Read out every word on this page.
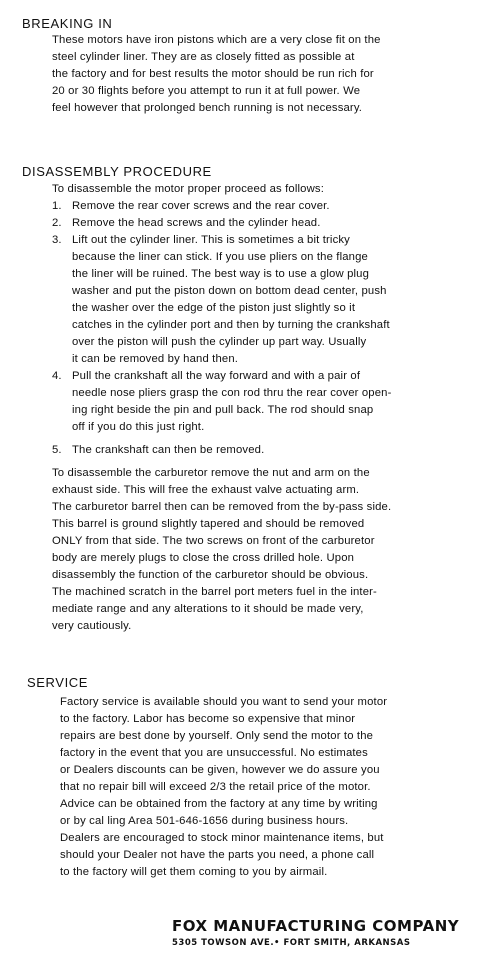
BREAKING IN
These motors have iron pistons which are a very close fit on the
steel cylinder liner. They are as closely fitted as possible at
the factory and for best results the motor should be run rich for
20 or 30 flights before you attempt to run it at full power. We
feel however that prolonged bench running is not necessary.
DISASSEMBLY PROCEDURE
To disassemble the motor proper proceed as follows:
1. Remove the rear cover screws and the rear cover.
2. Remove the head screws and the cylinder head.
3. Lift out the cylinder liner. This is sometimes a bit tricky
because the liner can stick. If you use pliers on the flange
the liner will be ruined. The best way is to use a glow plug
washer and put the piston down on bottom dead center, push
the washer over the edge of the piston just slightly so it
catches in the cylinder port and then by turning the crankshaft
over the piston will push the cylinder up part way. Usually
it can be removed by hand then.
4. Pull the crankshaft all the way forward and with a pair of
needle nose pliers grasp the con rod thru the rear cover open-
ing right beside the pin and pull back. The rod should snap
off if you do this just right.
5. The crankshaft can then be removed.
To disassemble the carburetor remove the nut and arm on the
exhaust side. This will free the exhaust valve actuating arm.
The carburetor barrel then can be removed from the by-pass side.
This barrel is ground slightly tapered and should be removed
ONLY from that side. The two screws on front of the carburetor
body are merely plugs to close the cross drilled hole. Upon
disassembly the function of the carburetor should be obvious.
The machined scratch in the barrel port meters fuel in the inter-
mediate range and any alterations to it should be made very,
very cautiously.
SERVICE
Factory service is available should you want to send your motor
to the factory. Labor has become so expensive that minor
repairs are best done by yourself. Only send the motor to the
factory in the event that you are unsuccessful. No estimates
or Dealers discounts can be given, however we do assure you
that no repair bill will exceed 2/3 the retail price of the motor.
Advice can be obtained from the factory at any time by writing
or by cal ling Area 501-646-1656 during business hours.
Dealers are encouraged to stock minor maintenance items, but
should your Dealer not have the parts you need, a phone call
to the factory will get them coming to you by airmail.
FOX MANUFACTURING COMPANY
5305 TOWSON AVE.• FORT SMITH, ARKANSAS
